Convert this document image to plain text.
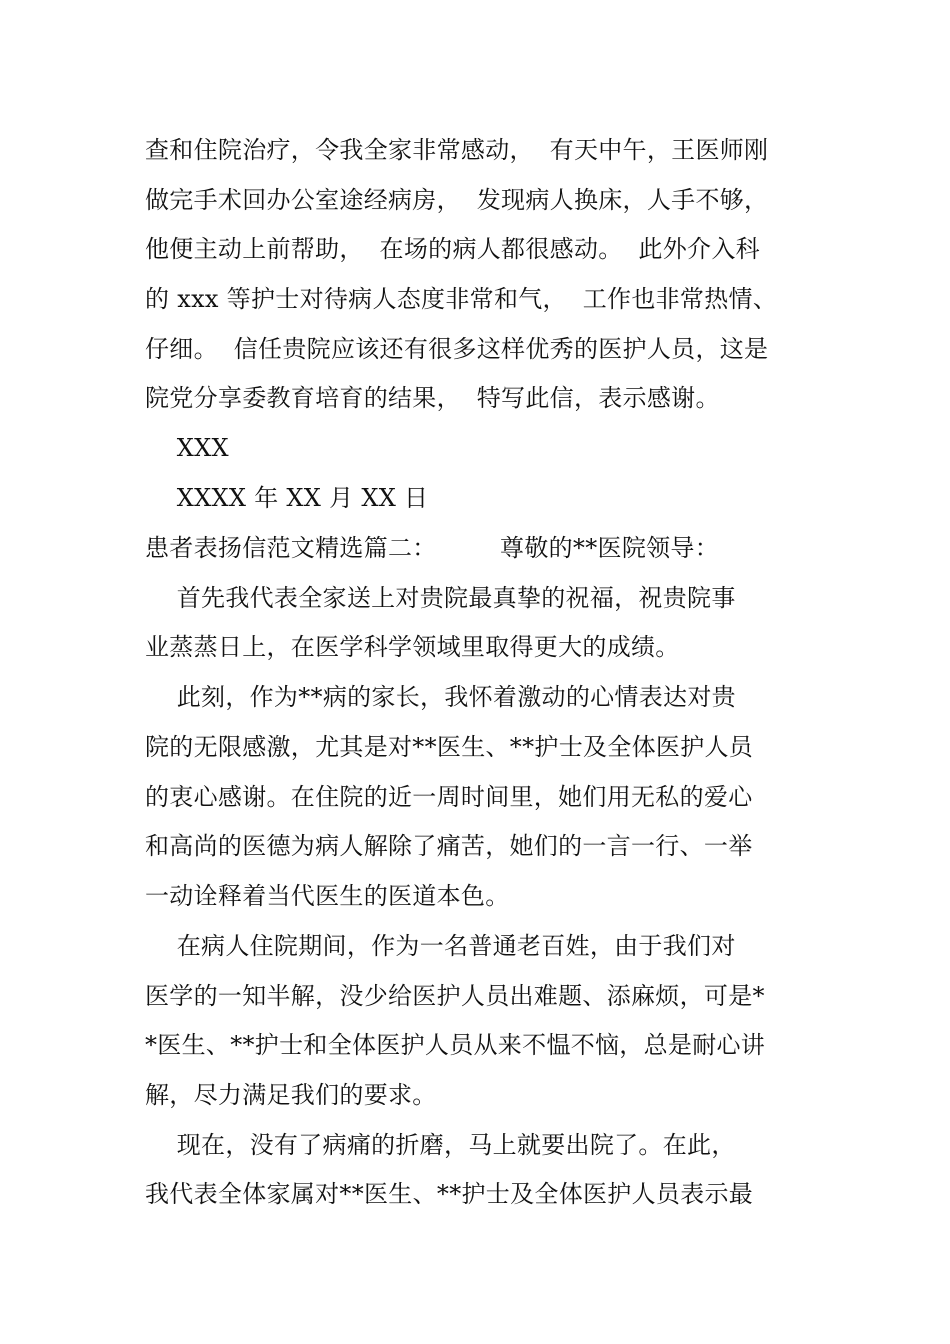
查和住院治疗，令我全家非常感动，  有天中午，王医师刚
做完手术回办公室途经病房，  发现病人换床，人手不够，
他便主动上前帮助，  在场的病人都很感动。  此外介入科
的 xxx 等护士对待病人态度非常和气，  工作也非常热情、
仔细。  信任贵院应该还有很多这样优秀的医护人员，这是
院党分享委教育培育的结果，  特写此信，表示感谢。
XXX
XXXX 年 XX 月 XX 日
患者表扬信范文精选篇二：        尊敬的**医院领导：
首先我代表全家送上对贵院最真挚的祝福，祝贵院事
业蒸蒸日上，在医学科学领域里取得更大的成绩。
此刻，作为**病的家长，我怀着激动的心情表达对贵
院的无限感激，尤其是对**医生、**护士及全体医护人员
的衷心感谢。在住院的近一周时间里，她们用无私的爱心
和高尚的医德为病人解除了痛苦，她们的一言一行、一举
一动诠释着当代医生的医道本色。
在病人住院期间，作为一名普通老百姓，由于我们对
医学的一知半解，没少给医护人员出难题、添麻烦，可是*
*医生、**护士和全体医护人员从来不愠不恼，总是耐心讲
解，尽力满足我们的要求。
现在，没有了病痛的折磨，马上就要出院了。在此，
我代表全体家属对**医生、**护士及全体医护人员表示最
